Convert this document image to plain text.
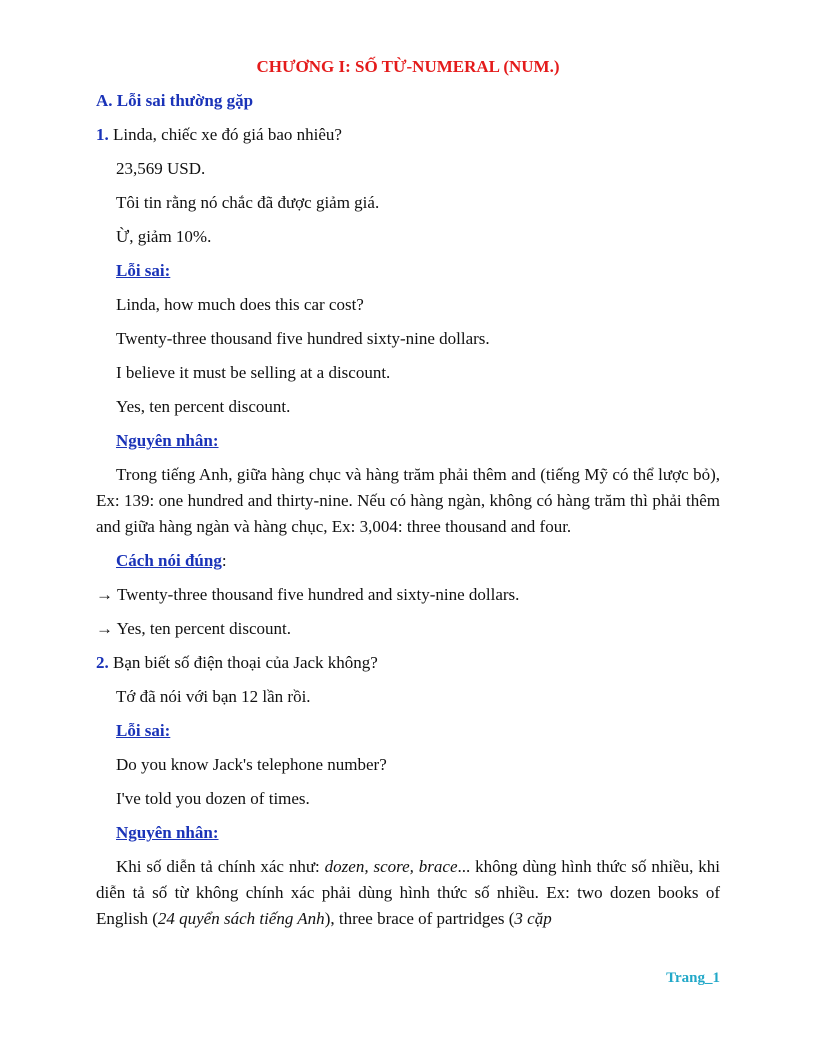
CHƯƠNG I: SỐ TỪ-NUMERAL (NUM.)
A. Lỗi sai thường gặp
1. Linda, chiếc xe đó giá bao nhiêu?
23,569 USD.
Tôi tin rằng nó chắc đã được giảm giá.
Ừ, giảm 10%.
Lỗi sai:
Linda, how much does this car cost?
Twenty-three thousand five hundred sixty-nine dollars.
I believe it must be selling at a discount.
Yes, ten percent discount.
Nguyên nhân:
Trong tiếng Anh, giữa hàng chục và hàng trăm phải thêm and (tiếng Mỹ có thể lược bỏ), Ex: 139: one hundred and thirty-nine. Nếu có hàng ngàn, không có hàng trăm thì phải thêm and giữa hàng ngàn và hàng chục, Ex: 3,004: three thousand and four.
Cách nói đúng:
→ Twenty-three thousand five hundred and sixty-nine dollars.
→ Yes, ten percent discount.
2. Bạn biết số điện thoại của Jack không?
Tớ đã nói với bạn 12 lần rồi.
Lỗi sai:
Do you know Jack's telephone number?
I've told you dozen of times.
Nguyên nhân:
Khi số diễn tả chính xác như: dozen, score, brace... không dùng hình thức số nhiều, khi diễn tả số từ không chính xác phải dùng hình thức số nhiều. Ex: two dozen books of English (24 quyển sách tiếng Anh), three brace of partridges (3 cặp
Trang_1
